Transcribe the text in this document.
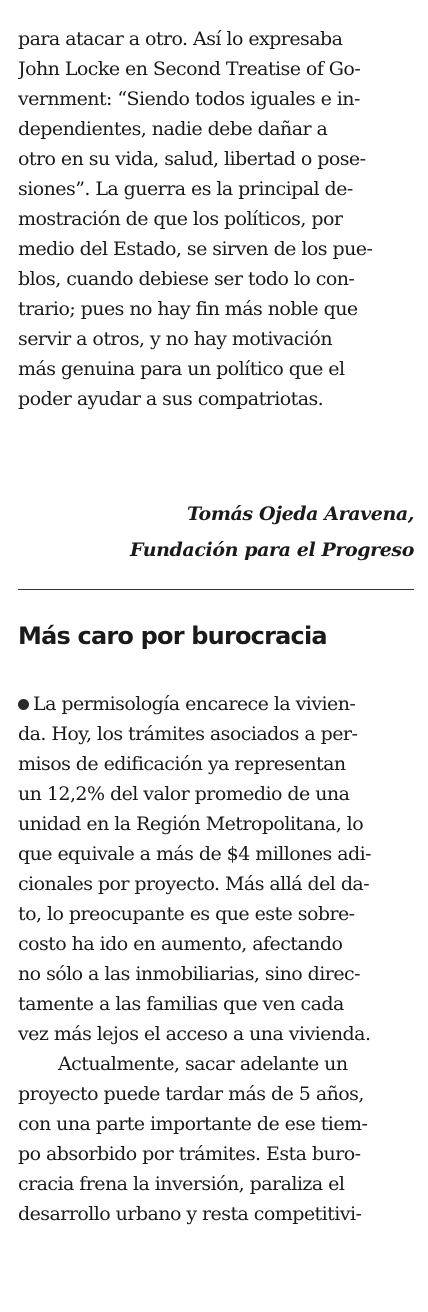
para atacar a otro. Así lo expresaba
John Locke en Second Treatise of Go-
vernment: “Siendo todos iguales e in-
dependientes, nadie debe dañar a
otro en su vida, salud, libertad o pose-
siones”. La guerra es la principal de-
mostración de que los políticos, por
medio del Estado, se sirven de los pue-
blos, cuando debiese ser todo lo con-
trario; pues no hay fin más noble que
servir a otros, y no hay motivación
más genuina para un político que el
poder ayudar a sus compatriotas.
Tomás Ojeda Aravena,
Fundación para el Progreso
Más caro por burocracia
La permisología encarece la vivien-
da. Hoy, los trámites asociados a per-
misos de edificación ya representan
un 12,2% del valor promedio de una
unidad en la Región Metropolitana, lo
que equivale a más de $4 millones adi-
cionales por proyecto. Más allá del da-
to, lo preocupante es que este sobre-
costo ha ido en aumento, afectando
no sólo a las inmobiliarias, sino direc-
tamente a las familias que ven cada
vez más lejos el acceso a una vivienda.
Actualmente, sacar adelante un
proyecto puede tardar más de 5 años,
con una parte importante de ese tiem-
po absorbido por trámites. Esta buro-
cracia frena la inversión, paraliza el
desarrollo urbano y resta competitivi-
